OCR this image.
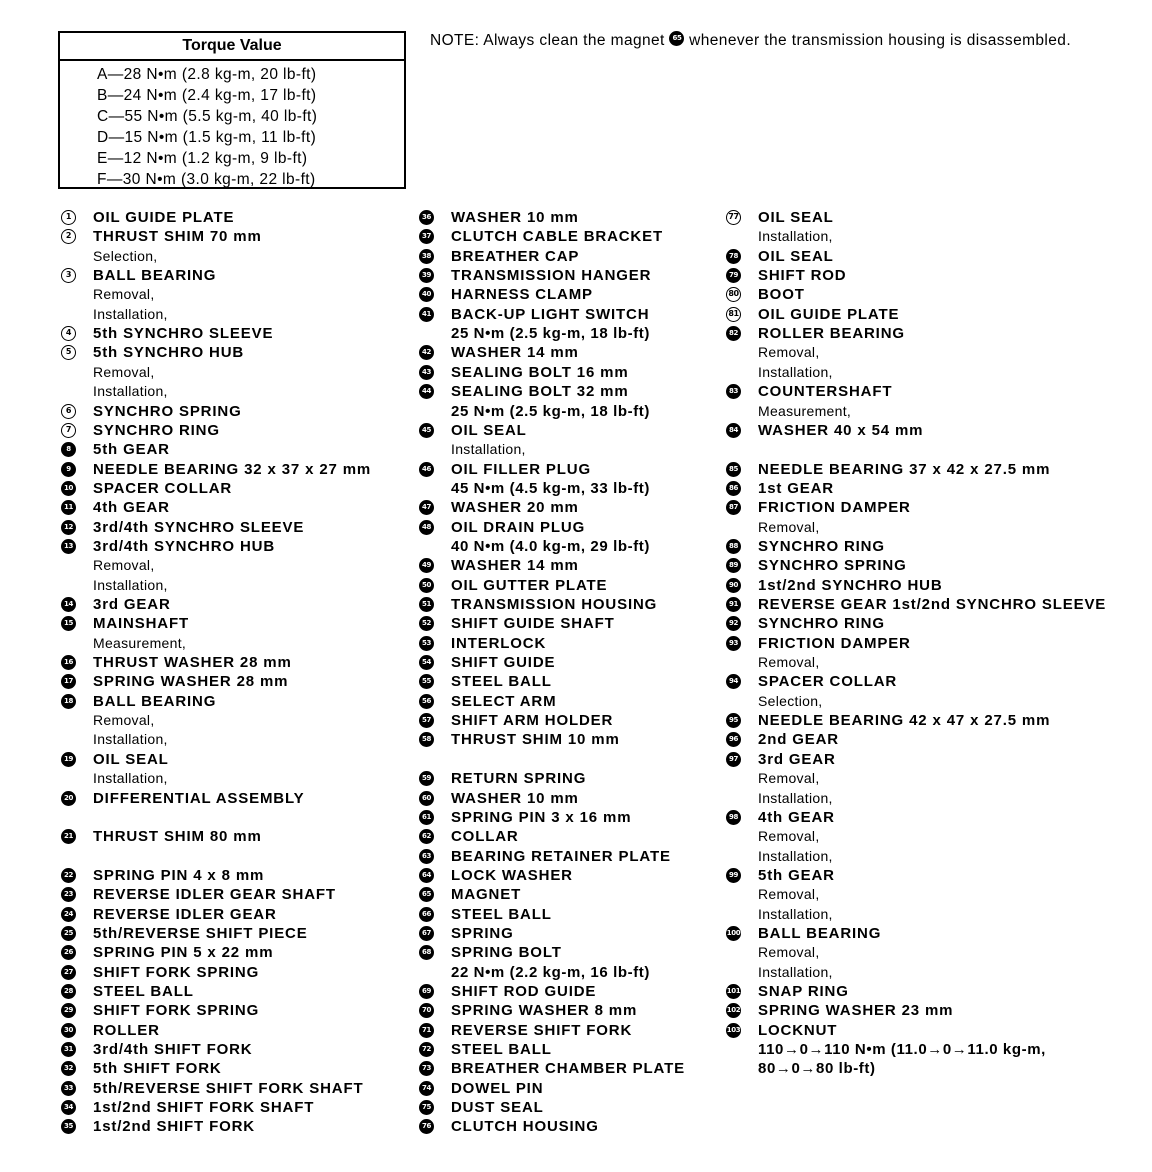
Torque Value
A—28 N•m (2.8 kg-m, 20 lb-ft)
B—24 N•m (2.4 kg-m, 17 lb-ft)
C—55 N•m (5.5 kg-m, 40 lb-ft)
D—15 N•m (1.5 kg-m, 11 lb-ft)
E—12 N•m (1.2 kg-m, 9 lb-ft)
F—30 N•m (3.0 kg-m, 22 lb-ft)
NOTE: Always clean the magnet 65 whenever the transmission housing is disassembled.
1	OIL GUIDE PLATE
2	THRUST SHIM 70 mm
Selection,
3	BALL BEARING
Removal,
Installation,
4	5th SYNCHRO SLEEVE
5	5th SYNCHRO HUB
Removal,
Installation,
6	SYNCHRO SPRING
7	SYNCHRO RING
8	5th GEAR
9	NEEDLE BEARING 32 x 37 x 27 mm
10 SPACER COLLAR
11 4th GEAR
12 3rd/4th SYNCHRO SLEEVE
13 3rd/4th SYNCHRO HUB
Removal,
Installation,
14 3rd GEAR
15 MAINSHAFT
Measurement,
16 THRUST WASHER 28 mm
17 SPRING WASHER 28 mm
18 BALL BEARING
Removal,
Installation,
19 OIL SEAL
Installation,
20 DIFFERENTIAL ASSEMBLY
21 THRUST SHIM 80 mm
22 SPRING PIN 4 x 8 mm
23 REVERSE IDLER GEAR SHAFT
24 REVERSE IDLER GEAR
25 5th/REVERSE SHIFT PIECE
26 SPRING PIN 5 x 22 mm
27 SHIFT FORK SPRING
28 STEEL BALL
29 SHIFT FORK SPRING
30 ROLLER
31 3rd/4th SHIFT FORK
32 5th SHIFT FORK
33 5th/REVERSE SHIFT FORK SHAFT
34 1st/2nd SHIFT FORK SHAFT
35 1st/2nd SHIFT FORK
36 WASHER 10 mm
37 CLUTCH CABLE BRACKET
38 BREATHER CAP
39 TRANSMISSION HANGER
40 HARNESS CLAMP
41 BACK-UP LIGHT SWITCH
25 N•m (2.5 kg-m, 18 lb-ft)
42 WASHER 14 mm
43 SEALING BOLT 16 mm
44 SEALING BOLT 32 mm
25 N•m (2.5 kg-m, 18 lb-ft)
45 OIL SEAL
Installation,
46 OIL FILLER PLUG
45 N•m (4.5 kg-m, 33 lb-ft)
47 WASHER 20 mm
48 OIL DRAIN PLUG
40 N•m (4.0 kg-m, 29 lb-ft)
49 WASHER 14 mm
50 OIL GUTTER PLATE
51 TRANSMISSION HOUSING
52 SHIFT GUIDE SHAFT
53 INTERLOCK
54 SHIFT GUIDE
55 STEEL BALL
56 SELECT ARM
57 SHIFT ARM HOLDER
58 THRUST SHIM 10 mm
59 RETURN SPRING
60 WASHER 10 mm
61 SPRING PIN 3 x 16 mm
62 COLLAR
63 BEARING RETAINER PLATE
64 LOCK WASHER
65 MAGNET
66 STEEL BALL
67 SPRING
68 SPRING BOLT
22 N•m (2.2 kg-m, 16 lb-ft)
69 SHIFT ROD GUIDE
70 SPRING WASHER 8 mm
71 REVERSE SHIFT FORK
72 STEEL BALL
73 BREATHER CHAMBER PLATE
74 DOWEL PIN
75 DUST SEAL
76 CLUTCH HOUSING
77 OIL SEAL
Installation,
78 OIL SEAL
79 SHIFT ROD
80 BOOT
81 OIL GUIDE PLATE
82 ROLLER BEARING
Removal,
Installation,
83 COUNTERSHAFT
Measurement,
84 WASHER 40 x 54 mm
85 NEEDLE BEARING 37 x 42 x 27.5 mm
86 1st GEAR
87 FRICTION DAMPER
Removal,
88 SYNCHRO RING
89 SYNCHRO SPRING
90 1st/2nd SYNCHRO HUB
91 REVERSE GEAR 1st/2nd SYNCHRO SLEEVE
92 SYNCHRO RING
93 FRICTION DAMPER
Removal,
94 SPACER COLLAR
Selection,
95 NEEDLE BEARING 42 x 47 x 27.5 mm
96 2nd GEAR
97 3rd GEAR
Removal,
Installation,
98 4th GEAR
Removal,
Installation,
99 5th GEAR
Removal,
Installation,
100 BALL BEARING
Removal,
Installation,
101 SNAP RING
102 SPRING WASHER 23 mm
103 LOCKNUT
110→0→110 N•m (11.0→0→11.0 kg-m,
80→0→80 lb-ft)
